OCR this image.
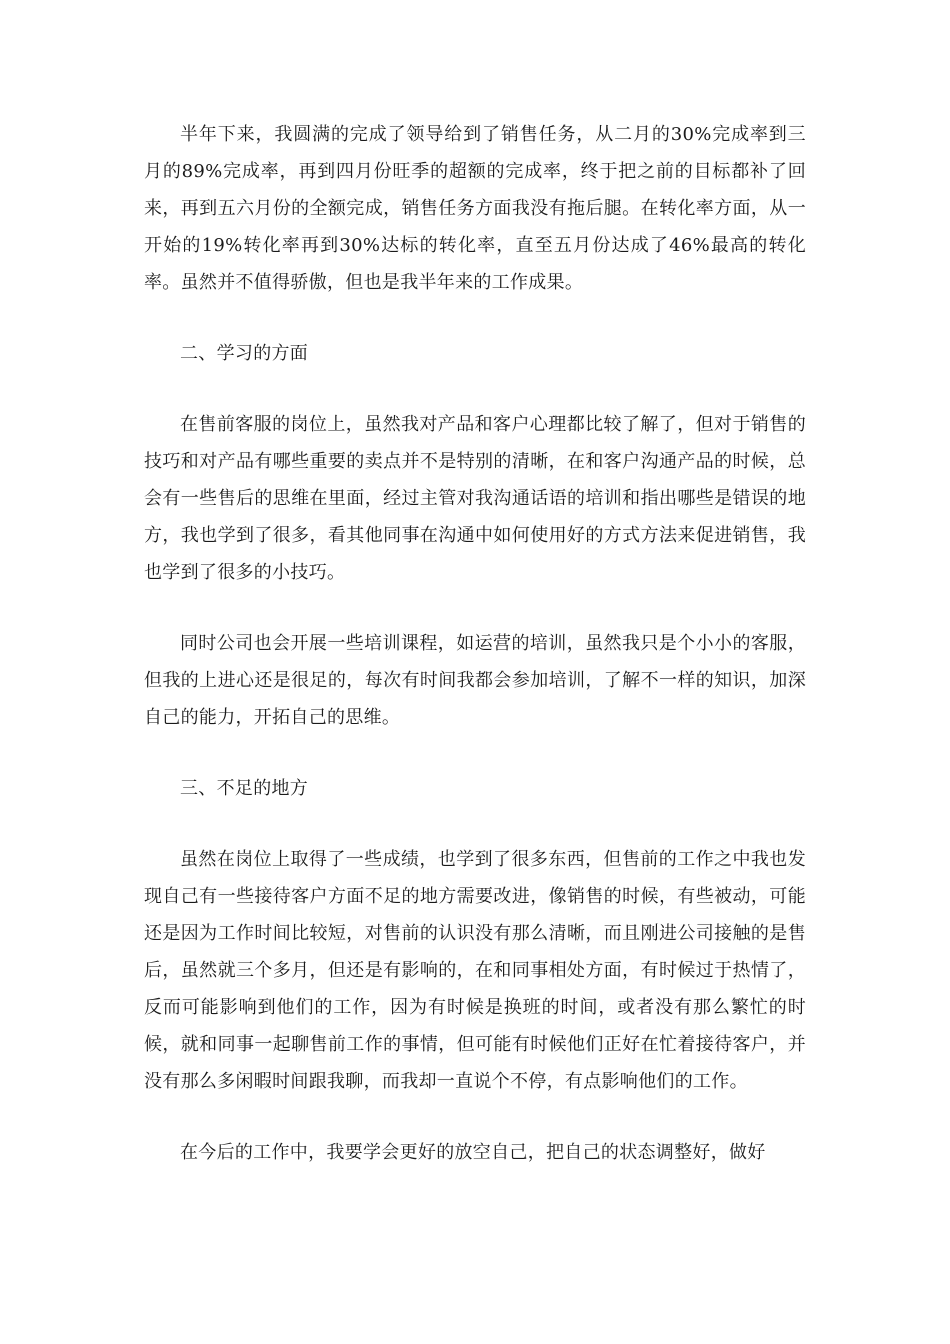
半年下来，我圆满的完成了领导给到了销售任务，从二月的30%完成率到三月的89%完成率，再到四月份旺季的超额的完成率，终于把之前的目标都补了回来，再到五六月份的全额完成，销售任务方面我没有拖后腿。在转化率方面，从一开始的19%转化率再到30%达标的转化率，直至五月份达成了46%最高的转化率。虽然并不值得骄傲，但也是我半年来的工作成果。

二、学习的方面

在售前客服的岗位上，虽然我对产品和客户心理都比较了解了，但对于销售的技巧和对产品有哪些重要的卖点并不是特别的清晰，在和客户沟通产品的时候，总会有一些售后的思维在里面，经过主管对我沟通话语的培训和指出哪些是错误的地方，我也学到了很多，看其他同事在沟通中如何使用好的方式方法来促进销售，我也学到了很多的小技巧。

同时公司也会开展一些培训课程，如运营的培训，虽然我只是个小小的客服，但我的上进心还是很足的，每次有时间我都会参加培训，了解不一样的知识，加深自己的能力，开拓自己的思维。

三、不足的地方

虽然在岗位上取得了一些成绩，也学到了很多东西，但售前的工作之中我也发现自己有一些接待客户方面不足的地方需要改进，像销售的时候，有些被动，可能还是因为工作时间比较短，对售前的认识没有那么清晰，而且刚进公司接触的是售后，虽然就三个多月，但还是有影响的，在和同事相处方面，有时候过于热情了，反而可能影响到他们的工作，因为有时候是换班的时间，或者没有那么繁忙的时候，就和同事一起聊售前工作的事情，但可能有时候他们正好在忙着接待客户，并没有那么多闲暇时间跟我聊，而我却一直说个不停，有点影响他们的工作。

在今后的工作中，我要学会更好的放空自己，把自己的状态调整好，做好
